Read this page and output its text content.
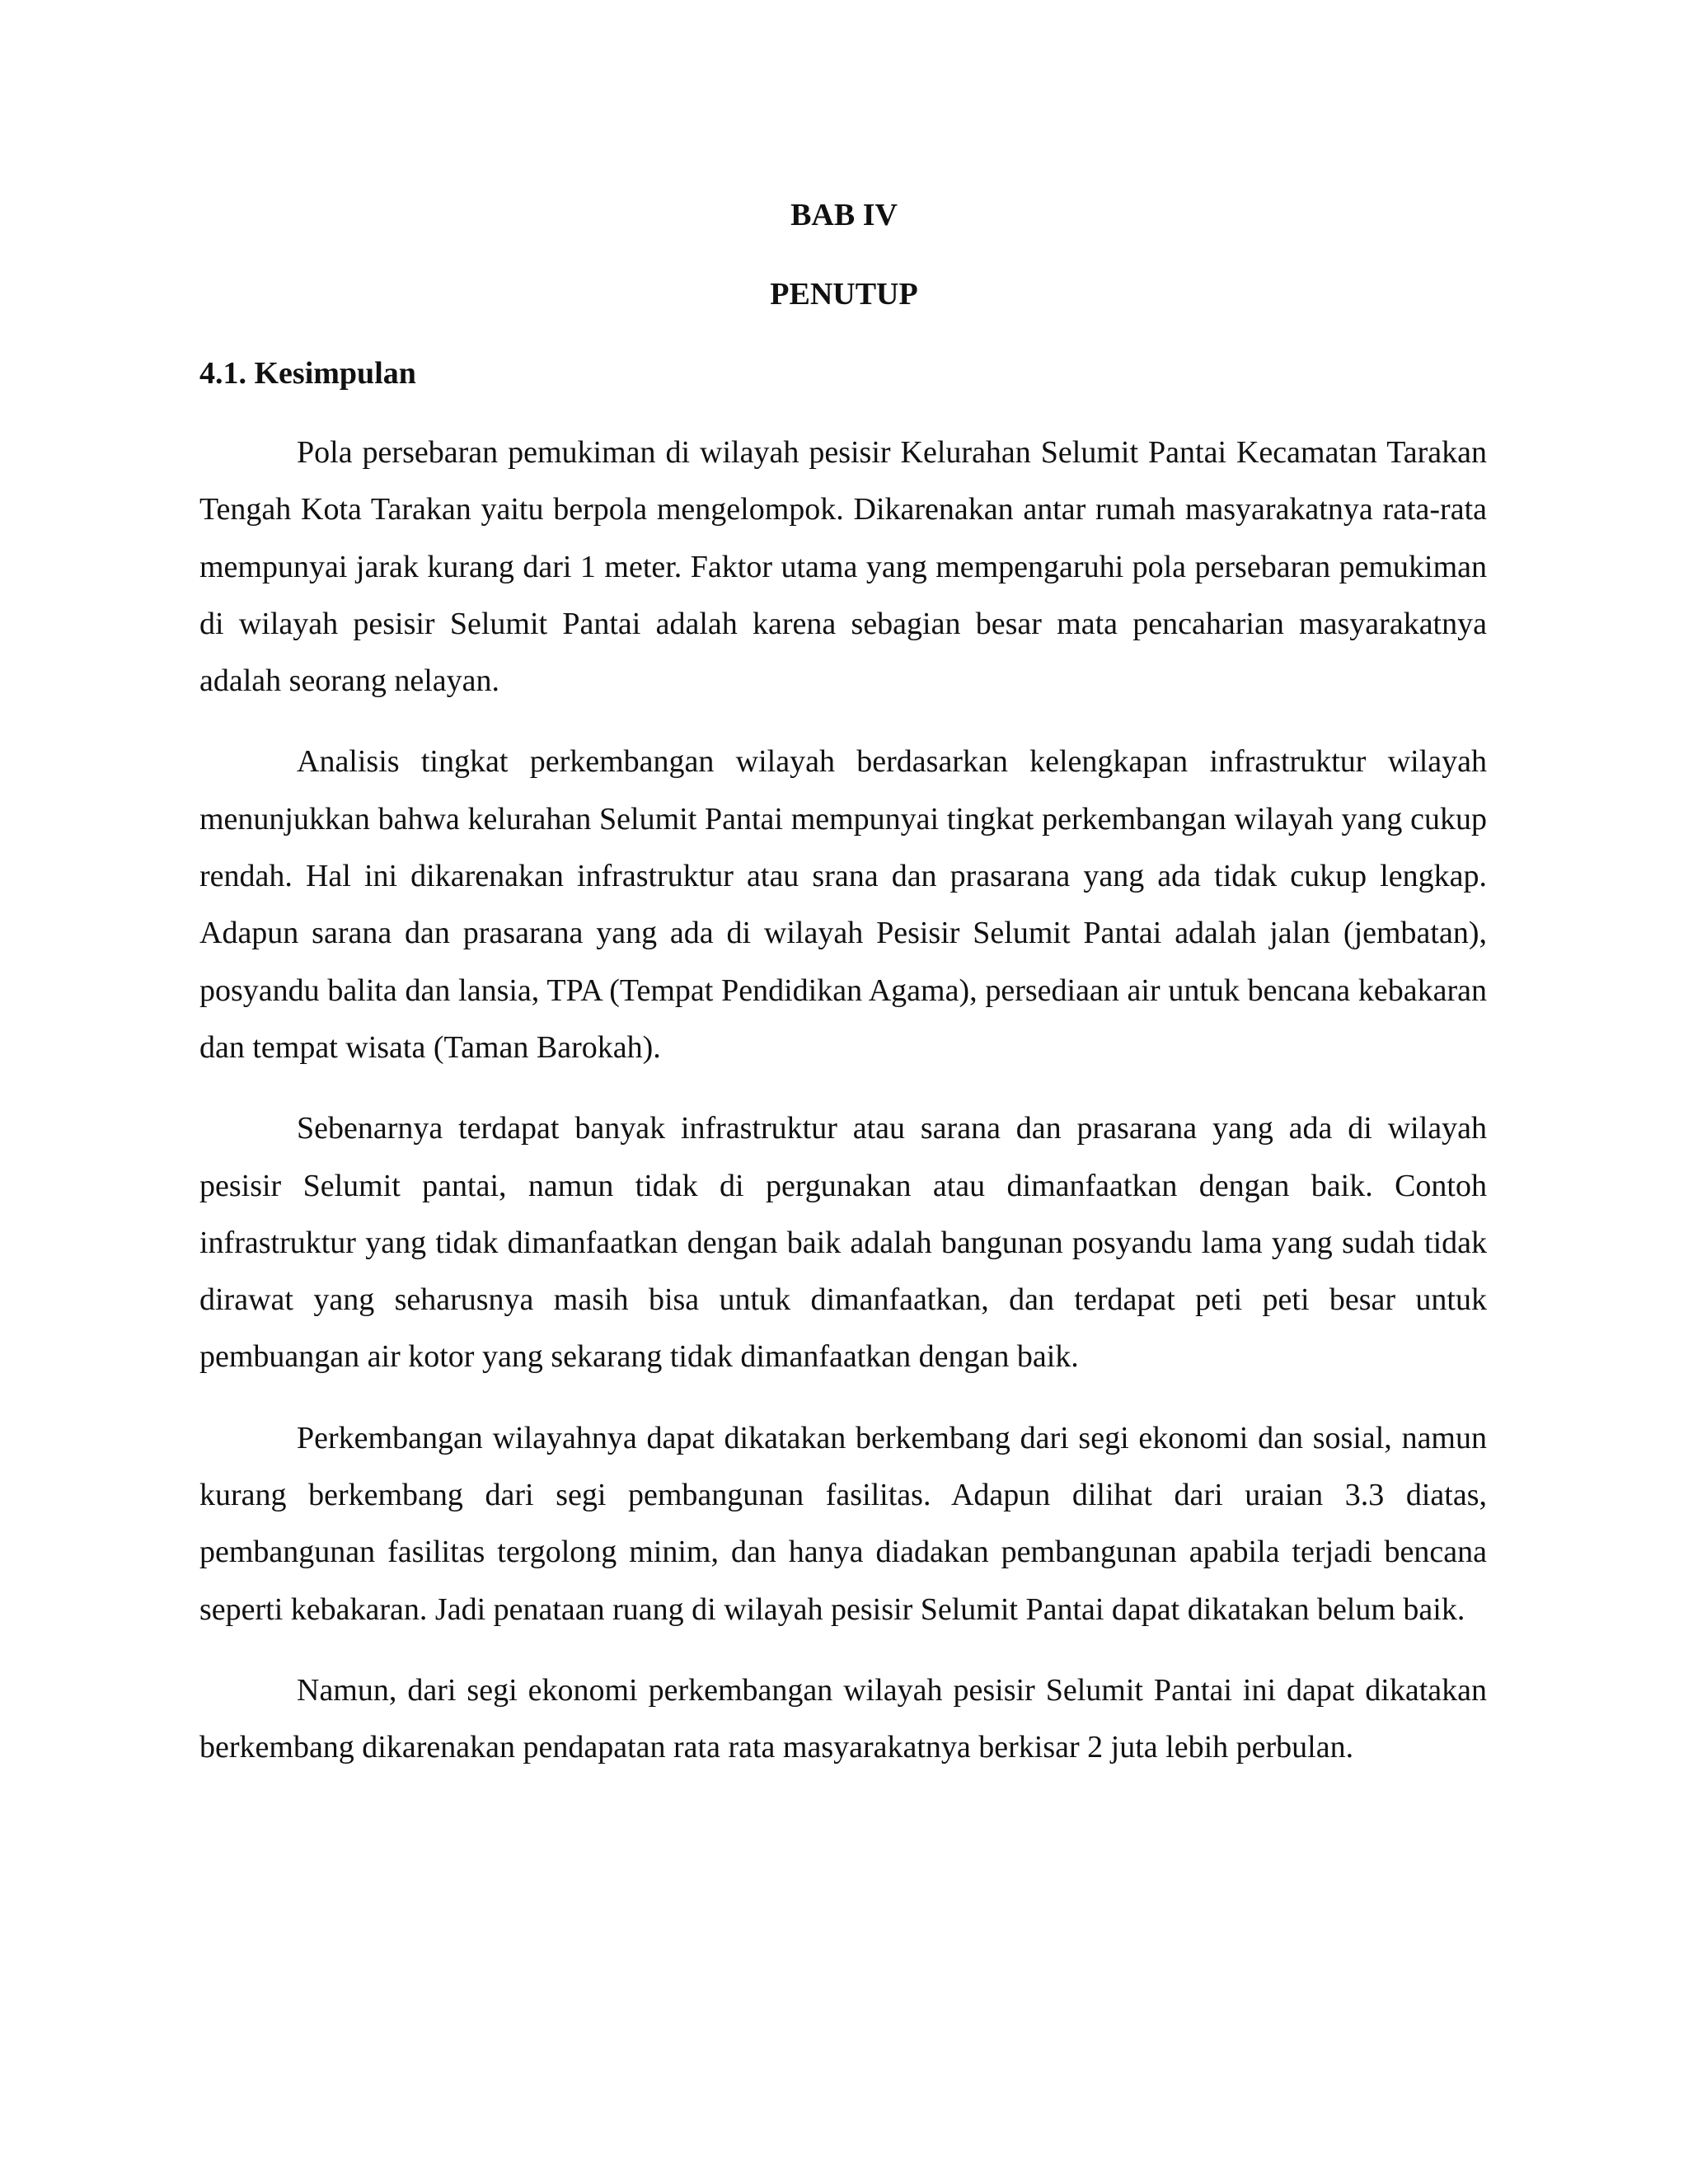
BAB IV
PENUTUP
4.1. Kesimpulan

Pola persebaran pemukiman di wilayah pesisir Kelurahan Selumit Pantai Kecamatan Tarakan Tengah Kota Tarakan yaitu berpola mengelompok. Dikarenakan antar rumah masyarakatnya rata-rata mempunyai jarak kurang dari 1 meter. Faktor utama yang mempengaruhi pola persebaran pemukiman di wilayah pesisir Selumit Pantai adalah karena sebagian besar mata pencaharian masyarakatnya adalah seorang nelayan.

Analisis tingkat perkembangan wilayah berdasarkan kelengkapan infrastruktur wilayah menunjukkan bahwa kelurahan Selumit Pantai mempunyai tingkat perkembangan wilayah yang cukup rendah. Hal ini dikarenakan infrastruktur atau srana dan prasarana yang ada tidak cukup lengkap. Adapun sarana dan prasarana yang ada di wilayah Pesisir Selumit Pantai adalah jalan (jembatan), posyandu balita dan lansia, TPA (Tempat Pendidikan Agama), persediaan air untuk bencana kebakaran dan tempat wisata (Taman Barokah).

Sebenarnya terdapat banyak infrastruktur atau sarana dan prasarana yang ada di wilayah pesisir Selumit pantai, namun tidak di pergunakan atau dimanfaatkan dengan baik. Contoh infrastruktur yang tidak dimanfaatkan dengan baik adalah bangunan posyandu lama yang sudah tidak dirawat yang seharusnya masih bisa untuk dimanfaatkan, dan terdapat peti peti besar untuk pembuangan air kotor yang sekarang tidak dimanfaatkan dengan baik.

Perkembangan wilayahnya dapat dikatakan berkembang dari segi ekonomi dan sosial, namun kurang berkembang dari segi pembangunan fasilitas. Adapun dilihat dari uraian 3.3 diatas, pembangunan fasilitas tergolong minim, dan hanya diadakan pembangunan apabila terjadi bencana seperti kebakaran. Jadi penataan ruang di wilayah pesisir Selumit Pantai dapat dikatakan belum baik.

Namun, dari segi ekonomi perkembangan wilayah pesisir Selumit Pantai ini dapat dikatakan berkembang dikarenakan pendapatan rata rata masyarakatnya berkisar 2 juta lebih perbulan.
